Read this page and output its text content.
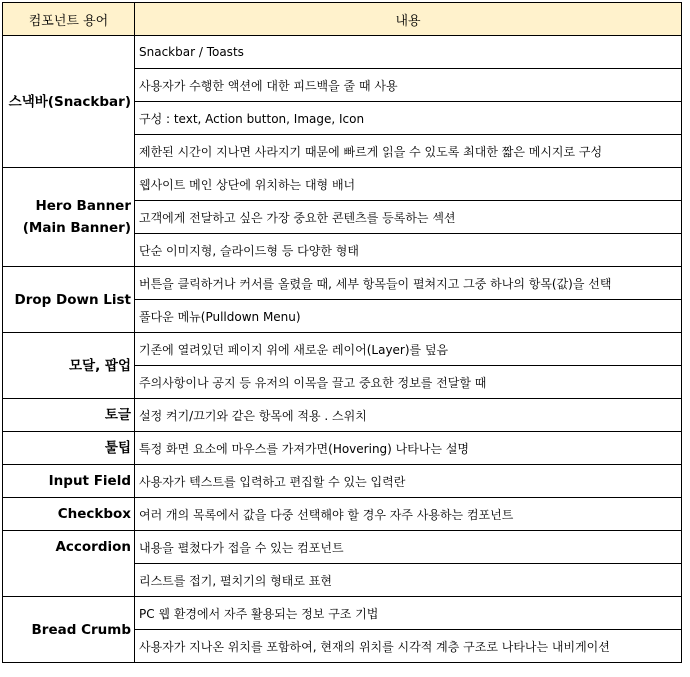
컴포넌트 용어	내용

스낵바(Snackbar)	Snackbar / Toasts
	사용자가 수행한 액션에 대한 피드백을 줄 때 사용
	구성 : text, Action button, Image, Icon
	제한된 시간이 지나면 사라지기 때문에 빠르게 읽을 수 있도록 최대한 짧은 메시지로 구성

Hero Banner
(Main Banner)	웹사이트 메인 상단에 위치하는 대형 배너
	고객에게 전달하고 싶은 가장 중요한 콘텐츠를 등록하는 섹션
	단순 이미지형, 슬라이드형 등 다양한 형태

Drop Down List	버튼을 클릭하거나 커서를 올렸을 때, 세부 항목들이 펼쳐지고 그중 하나의 항목(값)을 선택
	풀다운 메뉴(Pulldown Menu)

모달, 팝업	기존에 열려있던 페이지 위에 새로운 레이어(Layer)를 덮음
	주의사항이나 공지 등 유저의 이목을 끌고 중요한 정보를 전달할 때

토글	설정 켜기/끄기와 같은 항목에 적용 . 스위치

툴팁	특정 화면 요소에 마우스를 가져가면(Hovering) 나타나는 설명

Input Field	사용자가 텍스트를 입력하고 편집할 수 있는 입력란

Checkbox	여러 개의 목록에서 값을 다중 선택해야 할 경우 자주 사용하는 컴포넌트

Accordion	내용을 펼쳤다가 접을 수 있는 컴포넌트
	리스트를 접기, 펼치기의 형태로 표현

Bread Crumb	PC 웹 환경에서 자주 활용되는 정보 구조 기법
	사용자가 지나온 위치를 포함하여, 현재의 위치를 시각적 계층 구조로 나타나는 내비게이션
